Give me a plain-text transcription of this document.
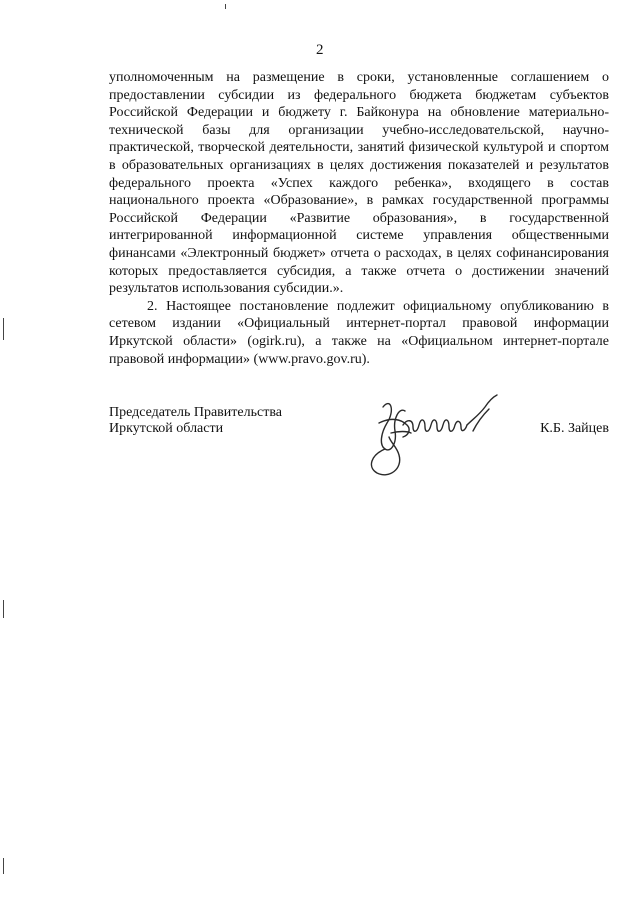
2

уполномоченным на размещение в сроки, установленные соглашением о предоставлении субсидии из федерального бюджета бюджетам субъектов Российской Федерации и бюджету г. Байконура на обновление материально-технической базы для организации учебно-исследовательской, научно-практической, творческой деятельности, занятий физической культурой и спортом в образовательных организациях в целях достижения показателей и результатов федерального проекта «Успех каждого ребенка», входящего в состав национального проекта «Образование», в рамках государственной программы Российской Федерации «Развитие образования», в государственной интегрированной информационной системе управления общественными финансами «Электронный бюджет» отчета о расходах, в целях софинансирования которых предоставляется субсидия, а также отчета о достижении значений результатов использования субсидии.».

2. Настоящее постановление подлежит официальному опубликованию в сетевом издании «Официальный интернет-портал правовой информации Иркутской области» (ogirk.ru), а также на «Официальном интернет-портале правовой информации» (www.pravo.gov.ru).

Председатель Правительства
Иркутской области	К.Б. Зайцев
